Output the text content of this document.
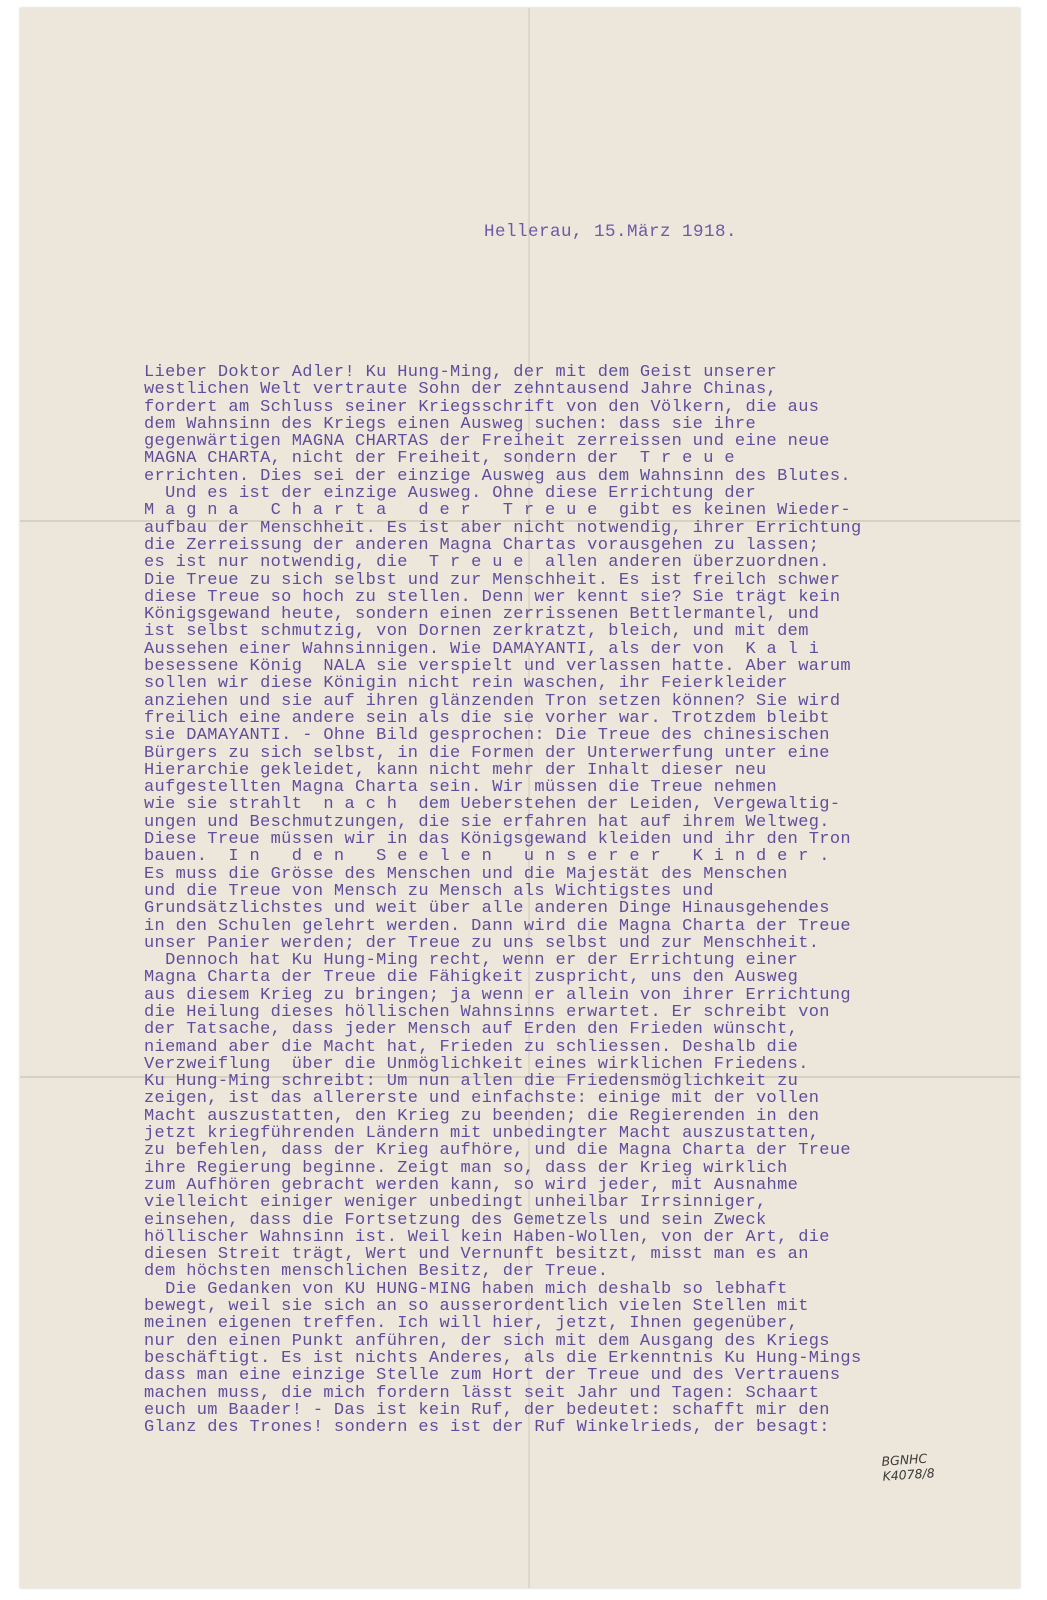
Hellerau, 15.März 1918.
Lieber Doktor Adler! Ku Hung-Ming, der mit dem Geist unserer
westlichen Welt vertraute Sohn der zehntausend Jahre Chinas,
fordert am Schluss seiner Kriegsschrift von den Völkern, die aus
dem Wahnsinn des Kriegs einen Ausweg suchen: dass sie ihre
gegenwärtigen MAGNA CHARTAS der Freiheit zerreissen und eine neue
MAGNA CHARTA, nicht der Freiheit, sondern der  T r e u e
errichten. Dies sei der einzige Ausweg aus dem Wahnsinn des Blutes.
Und es ist der einzige Ausweg. Ohne diese Errichtung der
M a g n a   C h a r t a   d e r   T r e u e  gibt es keinen Wieder-
aufbau der Menschheit. Es ist aber nicht notwendig, ihrer Errichtung
die Zerreissung der anderen Magna Chartas vorausgehen zu lassen;
es ist nur notwendig, die  T r e u e  allen anderen überzuordnen.
Die Treue zu sich selbst und zur Menschheit. Es ist freilch schwer
diese Treue so hoch zu stellen. Denn wer kennt sie? Sie trägt kein
Königsgewand heute, sondern einen zerrissenen Bettlermantel, und
ist selbst schmutzig, von Dornen zerkratzt, bleich, und mit dem
Aussehen einer Wahnsinnigen. Wie DAMAYANTI, als der von  K a l i
besessene König  NALA sie verspielt und verlassen hatte. Aber warum
sollen wir diese Königin nicht rein waschen, ihr Feierkleider
anziehen und sie auf ihren glänzenden Tron setzen können? Sie wird
freilich eine andere sein als die sie vorher war. Trotzdem bleibt
sie DAMAYANTI. - Ohne Bild gesprochen: Die Treue des chinesischen
Bürgers zu sich selbst, in die Formen der Unterwerfung unter eine
Hierarchie gekleidet, kann nicht mehr der Inhalt dieser neu
aufgestellten Magna Charta sein. Wir müssen die Treue nehmen
wie sie strahlt  n a c h  dem Ueberstehen der Leiden, Vergewaltig-
ungen und Beschmutzungen, die sie erfahren hat auf ihrem Weltweg.
Diese Treue müssen wir in das Königsgewand kleiden und ihr den Tron
bauen.  I n   d e n   S e e l e n   u n s e r e r   K i n d e r .
Es muss die Grösse des Menschen und die Majestät des Menschen
und die Treue von Mensch zu Mensch als Wichtigstes und
Grundsätzlichstes und weit über alle anderen Dinge Hinausgehendes
in den Schulen gelehrt werden. Dann wird die Magna Charta der Treue
unser Panier werden; der Treue zu uns selbst und zur Menschheit.
Dennoch hat Ku Hung-Ming recht, wenn er der Errichtung einer
Magna Charta der Treue die Fähigkeit zuspricht, uns den Ausweg
aus diesem Krieg zu bringen; ja wenn er allein von ihrer Errichtung
die Heilung dieses höllischen Wahnsinns erwartet. Er schreibt von
der Tatsache, dass jeder Mensch auf Erden den Frieden wünscht,
niemand aber die Macht hat, Frieden zu schliessen. Deshalb die
Verzweiflung  über die Unmöglichkeit eines wirklichen Friedens.
Ku Hung-Ming schreibt: Um nun allen die Friedensmöglichkeit zu
zeigen, ist das allererste und einfachste: einige mit der vollen
Macht auszustatten, den Krieg zu beenden; die Regierenden in den
jetzt kriegführenden Ländern mit unbedingter Macht auszustatten,
zu befehlen, dass der Krieg aufhöre, und die Magna Charta der Treue
ihre Regierung beginne. Zeigt man so, dass der Krieg wirklich
zum Aufhören gebracht werden kann, so wird jeder, mit Ausnahme
vielleicht einiger weniger unbedingt unheilbar Irrsinniger,
einsehen, dass die Fortsetzung des Gemetzels und sein Zweck
höllischer Wahnsinn ist. Weil kein Haben-Wollen, von der Art, die
diesen Streit trägt, Wert und Vernunft besitzt, misst man es an
dem höchsten menschlichen Besitz, der Treue.
Die Gedanken von KU HUNG-MING haben mich deshalb so lebhaft
bewegt, weil sie sich an so ausserordentlich vielen Stellen mit
meinen eigenen treffen. Ich will hier, jetzt, Ihnen gegenüber,
nur den einen Punkt anführen, der sich mit dem Ausgang des Kriegs
beschäftigt. Es ist nichts Anderes, als die Erkenntnis Ku Hung-Mings
dass man eine einzige Stelle zum Hort der Treue und des Vertrauens
machen muss, die mich fordern lässt seit Jahr und Tagen: Schaart
euch um Baader! - Das ist kein Ruf, der bedeutet: schafft mir den
Glanz des Trones! sondern es ist der Ruf Winkelrieds, der besagt:
BGNHC
K4078/8
